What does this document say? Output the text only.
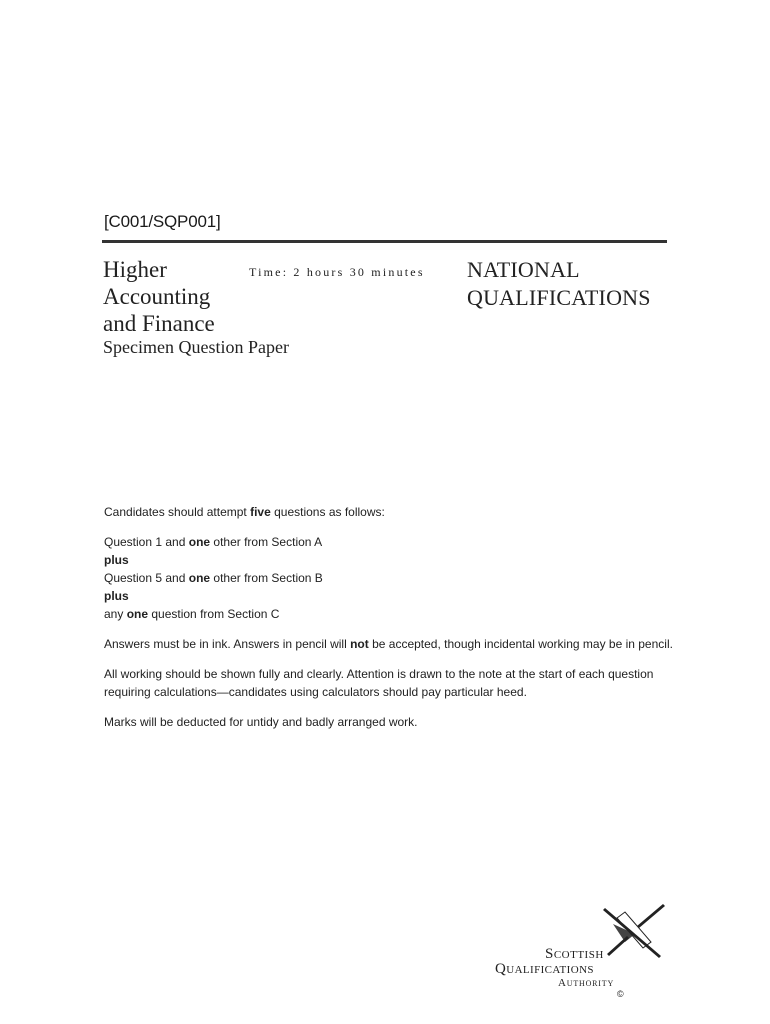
[C001/SQP001]
Higher
Accounting
and Finance
Specimen Question Paper
Time: 2 hours 30 minutes NATIONAL
QUALIFICATIONS

Candidates should attempt five questions as follows:

Question 1 and one other from Section A
plus
Question 5 and one other from Section B
plus
any one question from Section C

Answers must be in ink. Answers in pencil will not be accepted, though incidental working may be in pencil.

All working should be shown fully and clearly. Attention is drawn to the note at the start of each question requiring calculations—candidates using calculators should pay particular heed.

Marks will be deducted for untidy and badly arranged work.

Scottish
Qualifications
Authority
©
